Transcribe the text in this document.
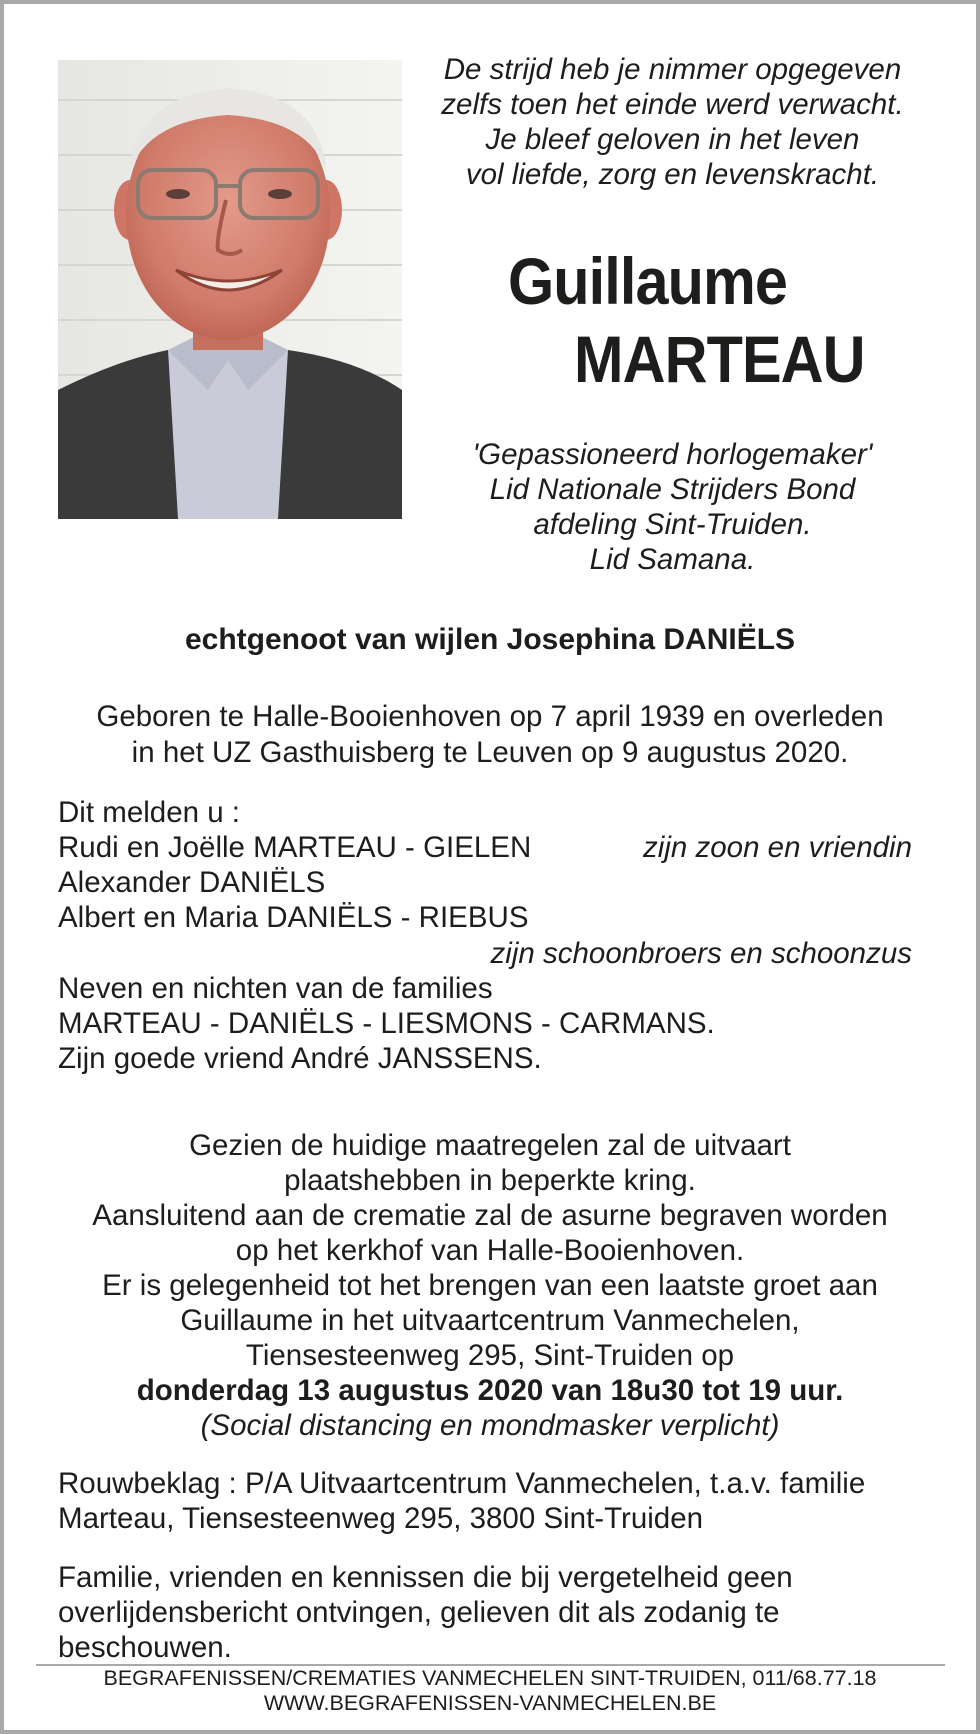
De strijd heb je nimmer opgegeven
zelfs toen het einde werd verwacht.
Je bleef geloven in het leven
vol liefde, zorg en levenskracht.
Guillaume
MARTEAU
'Gepassioneerd horlogemaker'
Lid Nationale Strijders Bond
afdeling Sint-Truiden.
Lid Samana.
echtgenoot van wijlen Josephina DANIËLS
Geboren te Halle-Booienhoven op 7 april 1939 en overleden
in het UZ Gasthuisberg te Leuven op 9 augustus 2020.
Dit melden u :
Rudi en Joëlle MARTEAU - GIELEN	zijn zoon en vriendin
Alexander DANIËLS
Albert en Maria DANIËLS - RIEBUS
zijn schoonbroers en schoonzus
Neven en nichten van de families
MARTEAU - DANIËLS - LIESMONS - CARMANS.
Zijn goede vriend André JANSSENS.
Gezien de huidige maatregelen zal de uitvaart
plaatshebben in beperkte kring.
Aansluitend aan de crematie zal de asurne begraven worden
op het kerkhof van Halle-Booienhoven.
Er is gelegenheid tot het brengen van een laatste groet aan
Guillaume in het uitvaartcentrum Vanmechelen,
Tiensesteenweg 295, Sint-Truiden op
donderdag 13 augustus 2020 van 18u30 tot 19 uur.
(Social distancing en mondmasker verplicht)
Rouwbeklag : P/A Uitvaartcentrum Vanmechelen, t.a.v. familie
Marteau, Tiensesteenweg 295, 3800 Sint-Truiden
Familie, vrienden en kennissen die bij vergetelheid geen
overlijdensbericht ontvingen, gelieven dit als zodanig te
beschouwen.
BEGRAFENISSEN/CREMATIES VANMECHELEN SINT-TRUIDEN, 011/68.77.18
WWW.BEGRAFENISSEN-VANMECHELEN.BE
